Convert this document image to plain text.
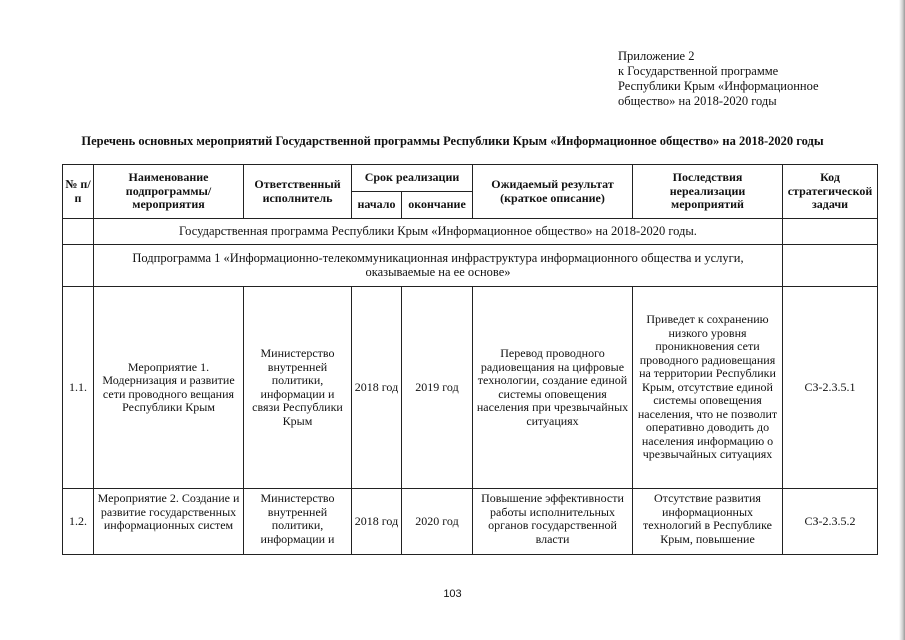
Приложение 2
к Государственной программе
Республики Крым «Информационное
общество» на 2018-2020 годы
Перечень основных мероприятий Государственной программы Республики Крым «Информационное общество» на 2018-2020 годы
№ п/п	Наименование подпрограммы/ мероприятия	Ответственный исполнитель	Срок реализации		Ожидаемый результат (краткое описание)	Последствия нереализации мероприятий	Код стратегической задачи
			начало	окончание			
	Государственная программа Республики Крым «Информационное общество» на 2018-2020 годы.						
	Подпрограмма 1 «Информационно-телекоммуникационная инфраструктура информационного общества и услуги, оказываемые на ее основе»						
1.1.	Мероприятие 1. Модернизация и развитие сети проводного вещания Республики Крым	Министерство внутренней политики, информации и связи Республики Крым	2018 год	2019 год	Перевод проводного радиовещания на цифровые технологии, создание единой системы оповещения населения при чрезвычайных ситуациях	Приведет к сохранению низкого уровня проникновения сети проводного радиовещания на территории Республики Крым, отсутствие единой системы оповещения населения, что не позволит оперативно доводить до населения информацию о чрезвычайных ситуациях	СЗ-2.3.5.1
1.2.	Мероприятие 2. Создание и развитие государственных информационных систем	Министерство внутренней политики, информации и	2018 год	2020 год	Повышение эффективности работы исполнительных органов государственной власти	Отсутствие развития информационных технологий в Республике Крым, повышение	СЗ-2.3.5.2
103
